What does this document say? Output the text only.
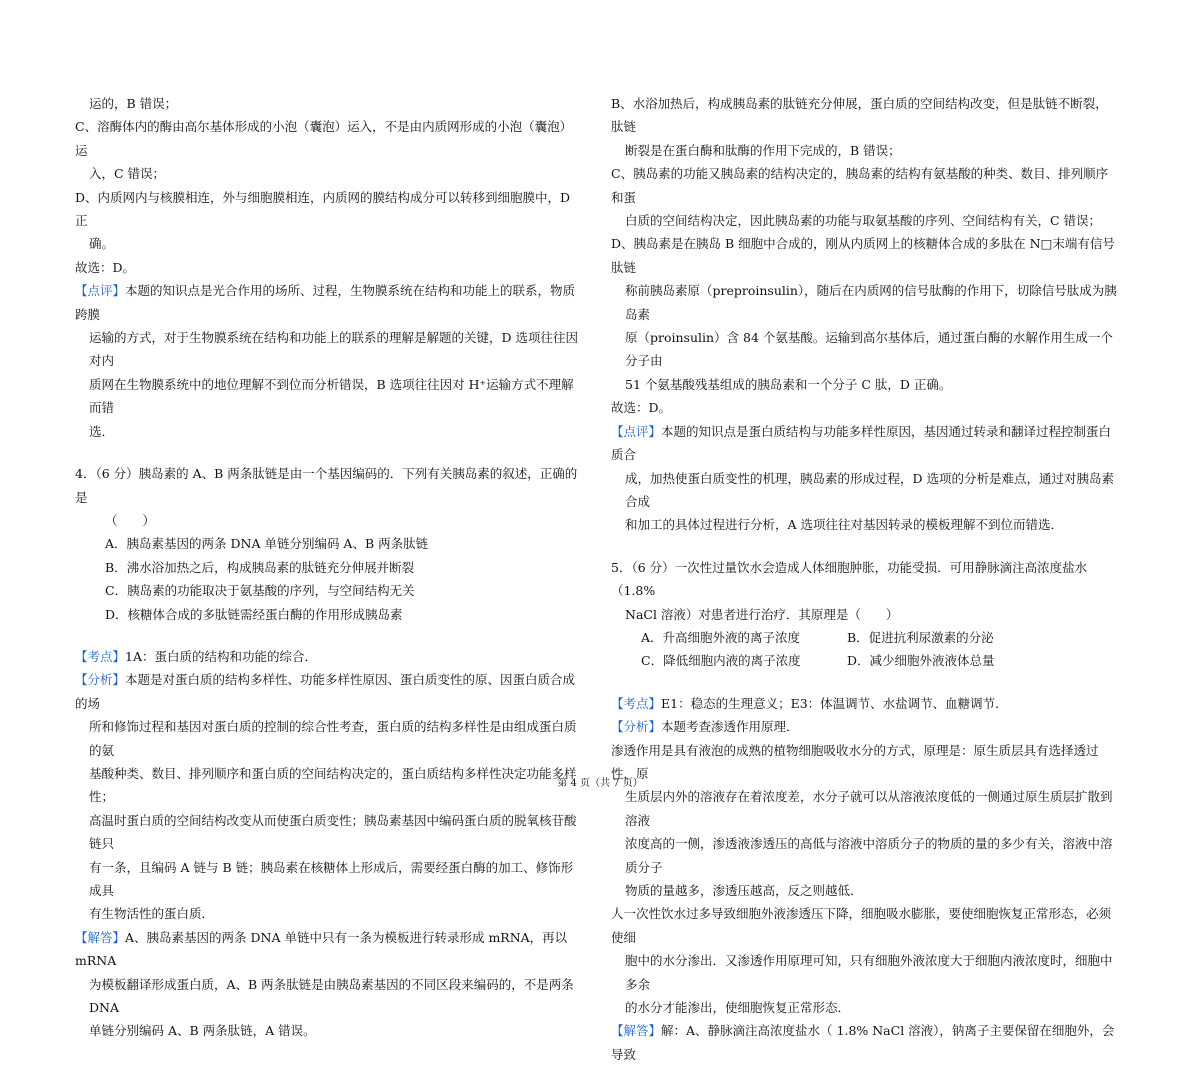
运的，B 错误；
C、溶酶体内的酶由高尔基体形成的小泡（囊泡）运入，不是由内质网形成的小泡（囊泡）运
入，C 错误；
D、内质网内与核膜相连，外与细胞膜相连，内质网的膜结构成分可以转移到细胞膜中，D 正
确。
故选：D。
【点评】本题的知识点是光合作用的场所、过程，生物膜系统在结构和功能上的联系，物质跨膜
运输的方式，对于生物膜系统在结构和功能上的联系的理解是解题的关键，D 选项往往因对内
质网在生物膜系统中的地位理解不到位而分析错误，B 选项往往因对 H⁺运输方式不理解而错
选．
4．（6 分）胰岛素的 A、B 两条肽链是由一个基因编码的．下列有关胰岛素的叙述，正确的是
（　　）
A．胰岛素基因的两条 DNA 单链分别编码 A、B 两条肽链
B．沸水浴加热之后，构成胰岛素的肽链充分伸展并断裂
C．胰岛素的功能取决于氨基酸的序列，与空间结构无关
D．核糖体合成的多肽链需经蛋白酶的作用形成胰岛素
【考点】1A：蛋白质的结构和功能的综合．
【分析】本题是对蛋白质的结构多样性、功能多样性原因、蛋白质变性的原、因蛋白质合成的场
所和修饰过程和基因对蛋白质的控制的综合性考查，蛋白质的结构多样性是由组成蛋白质的氨
基酸种类、数目、排列顺序和蛋白质的空间结构决定的，蛋白质结构多样性决定功能多样性；
高温时蛋白质的空间结构改变从而使蛋白质变性；胰岛素基因中编码蛋白质的脱氧核苷酸链只
有一条，且编码 A 链与 B 链；胰岛素在核糖体上形成后，需要经蛋白酶的加工、修饰形成具
有生物活性的蛋白质．
【解答】A、胰岛素基因的两条 DNA 单链中只有一条为模板进行转录形成 mRNA，再以 mRNA
为模板翻译形成蛋白质，A、B 两条肽链是由胰岛素基因的不同区段来编码的，不是两条 DNA
单链分别编码 A、B 两条肽链，A 错误。
B、水浴加热后，构成胰岛素的肽链充分伸展，蛋白质的空间结构改变，但是肽链不断裂，肽链
断裂是在蛋白酶和肽酶的作用下完成的，B 错误；
C、胰岛素的功能又胰岛素的结构决定的，胰岛素的结构有氨基酸的种类、数目、排列顺序和蛋
白质的空间结构决定，因此胰岛素的功能与取氨基酸的序列、空间结构有关，C 错误；
D、胰岛素是在胰岛 B 细胞中合成的，刚从内质网上的核糖体合成的多肽在 N□末端有信号肽链
称前胰岛素原（preproinsulin），随后在内质网的信号肽酶的作用下，切除信号肽成为胰岛素
原（proinsulin）含 84 个氨基酸。运输到高尔基体后，通过蛋白酶的水解作用生成一个分子由
51 个氨基酸残基组成的胰岛素和一个分子 C 肽，D 正确。
故选：D。
【点评】本题的知识点是蛋白质结构与功能多样性原因，基因通过转录和翻译过程控制蛋白质合
成，加热使蛋白质变性的机理，胰岛素的形成过程，D 选项的分析是难点，通过对胰岛素合成
和加工的具体过程进行分析，A 选项往往对基因转录的模板理解不到位而错选．
5．（6 分）一次性过量饮水会造成人体细胞肿胀，功能受损．可用静脉滴注高浓度盐水（1.8%
NaCl 溶液）对患者进行治疗．其原理是（　　）
A．升高细胞外液的离子浓度	B．促进抗利尿激素的分泌
C．降低细胞内液的离子浓度	D．减少细胞外液液体总量
【考点】E1：稳态的生理意义；E3：体温调节、水盐调节、血糖调节．
【分析】本题考查渗透作用原理．
渗透作用是具有液泡的成熟的植物细胞吸收水分的方式，原理是：原生质层具有选择透过性，原
生质层内外的溶液存在着浓度差，水分子就可以从溶液浓度低的一侧通过原生质层扩散到溶液
浓度高的一侧，渗透液渗透压的高低与溶液中溶质分子的物质的量的多少有关，溶液中溶质分子
物质的量越多，渗透压越高，反之则越低．
人一次性饮水过多导致细胞外液渗透压下降，细胞吸水膨胀，要使细胞恢复正常形态，必须使细
胞中的水分渗出．又渗透作用原理可知，只有细胞外液浓度大于细胞内液浓度时，细胞中多余
的水分才能渗出，使细胞恢复正常形态．
【解答】解：A、静脉滴注高浓度盐水（ 1.8% NaCl 溶液），钠离子主要保留在细胞外，会导致
第 4 页（共 7 页）
